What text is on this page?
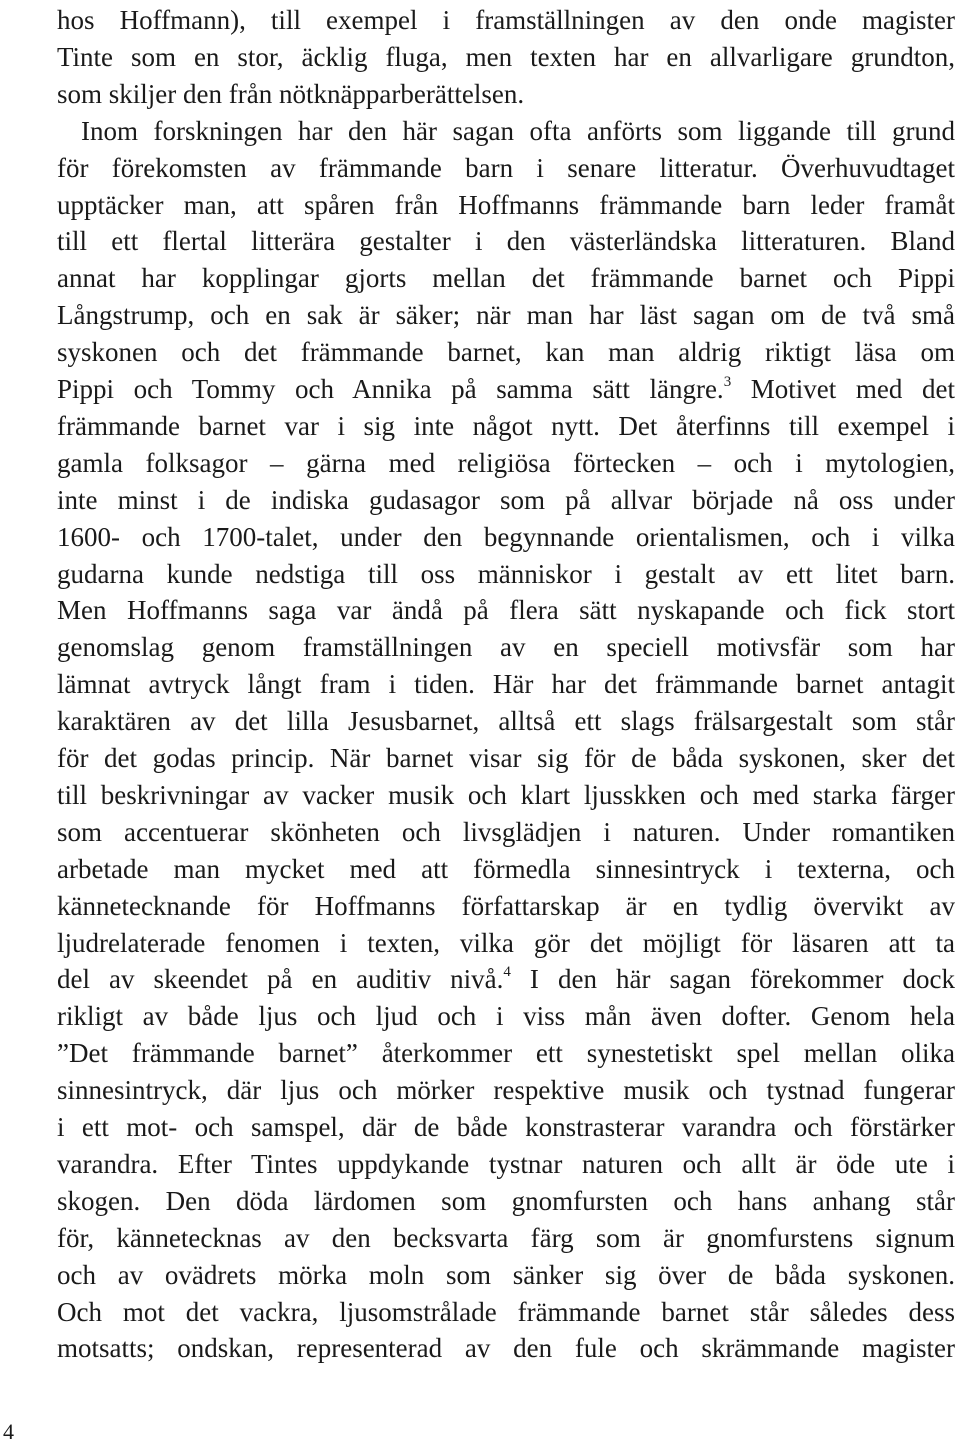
hos Hoffmann), till exempel i framställningen av den onde magister
Tinte som en stor, äcklig fluga, men texten har en allvarligare grundton,
som skiljer den från nötknäpparberättelsen.
Inom forskningen har den här sagan ofta anförts som liggande till grund
för förekomsten av främmande barn i senare litteratur. Överhuvudtaget
upptäcker man, att spåren från Hoffmanns främmande barn leder framåt
till ett flertal litterära gestalter i den västerländska litteraturen. Bland
annat har kopplingar gjorts mellan det främmande barnet och Pippi
Långstrump, och en sak är säker; när man har läst sagan om de två små
syskonen och det främmande barnet, kan man aldrig riktigt läsa om
Pippi och Tommy och Annika på samma sätt längre.$^3$ Motivet med det
främmande barnet var i sig inte något nytt. Det återfinns till exempel i
gamla folksagor – gärna med religiösa förtecken – och i mytologien,
inte minst i de indiska gudasagor som på allvar började nå oss under
1600- och 1700-talet, under den begynnande orientalismen, och i vilka
gudarna kunde nedstiga till oss människor i gestalt av ett litet barn.
Men Hoffmanns saga var ändå på flera sätt nyskapande och fick stort
genomslag genom framställningen av en speciell motivsfär som har
lämnat avtryck långt fram i tiden. Här har det främmande barnet antagit
karaktären av det lilla Jesusbarnet, alltså ett slags frälsargestalt som står
för det godas princip. När barnet visar sig för de båda syskonen, sker det
till beskrivningar av vacker musik och klart ljusskken och med starka färger
som accentuerar skönheten och livsglädjen i naturen. Under romantiken
arbetade man mycket med att förmedla sinnesintryck i texterna, och
kännetecknande för Hoffmanns författarskap är en tydlig övervikt av
ljudrelaterade fenomen i texten, vilka gör det möjligt för läsaren att ta
del av skeendet på en auditiv nivå.$^4$ I den här sagan förekommer dock
rikligt av både ljus och ljud och i viss mån även dofter. Genom hela
”Det främmande barnet” återkommer ett synestetiskt spel mellan olika
sinnesintryck, där ljus och mörker respektive musik och tystnad fungerar
i ett mot- och samspel, där de både konstrasterar varandra och förstärker
varandra. Efter Tintes uppdykande tystnar naturen och allt är öde ute i
skogen. Den döda lärdomen som gnomfursten och hans anhang står
för, kännetecknas av den becksvarta färg som är gnomfurstens signum
och av ovädrets mörka moln som sänker sig över de båda syskonen.
Och mot det vackra, ljusomstrålade främmande barnet står således dess
motsatts; ondskan, representerad av den fule och skrämmande magister
4
